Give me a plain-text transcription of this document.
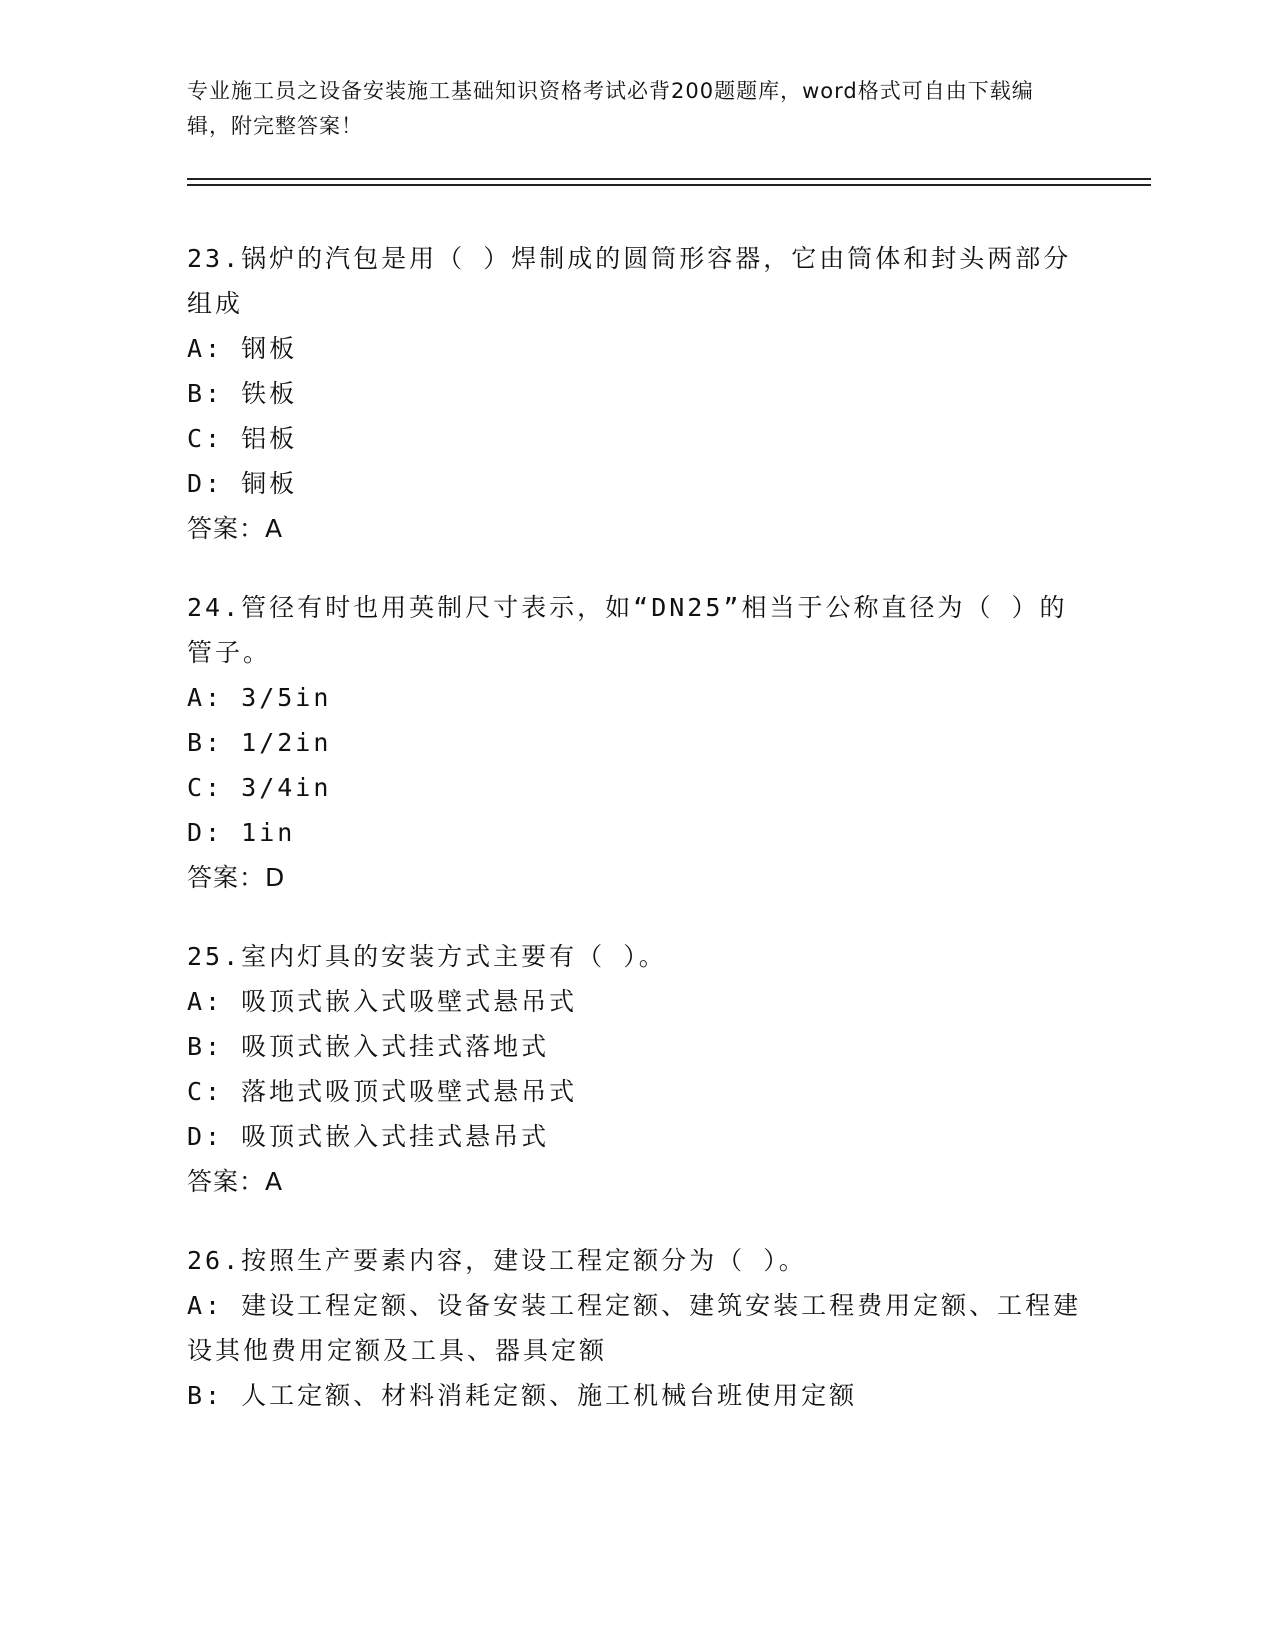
专业施工员之设备安装施工基础知识资格考试必背200题题库，word格式可自由下载编辑，附完整答案！

23.锅炉的汽包是用（ ）焊制成的圆筒形容器，它由筒体和封头两部分组成

A: 钢板

B: 铁板

C: 铝板

D: 铜板

答案：A

24.管径有时也用英制尺寸表示，如“DN25”相当于公称直径为（ ）的管子。

A: 3/5in

B: 1/2in

C: 3/4in

D: 1in

答案：D

25.室内灯具的安装方式主要有（ ）。

A: 吸顶式嵌入式吸壁式悬吊式

B: 吸顶式嵌入式挂式落地式

C: 落地式吸顶式吸壁式悬吊式

D: 吸顶式嵌入式挂式悬吊式

答案：A

26.按照生产要素内容，建设工程定额分为（ ）。

A: 建设工程定额、设备安装工程定额、建筑安装工程费用定额、工程建设其他费用定额及工具、器具定额

B: 人工定额、材料消耗定额、施工机械台班使用定额
